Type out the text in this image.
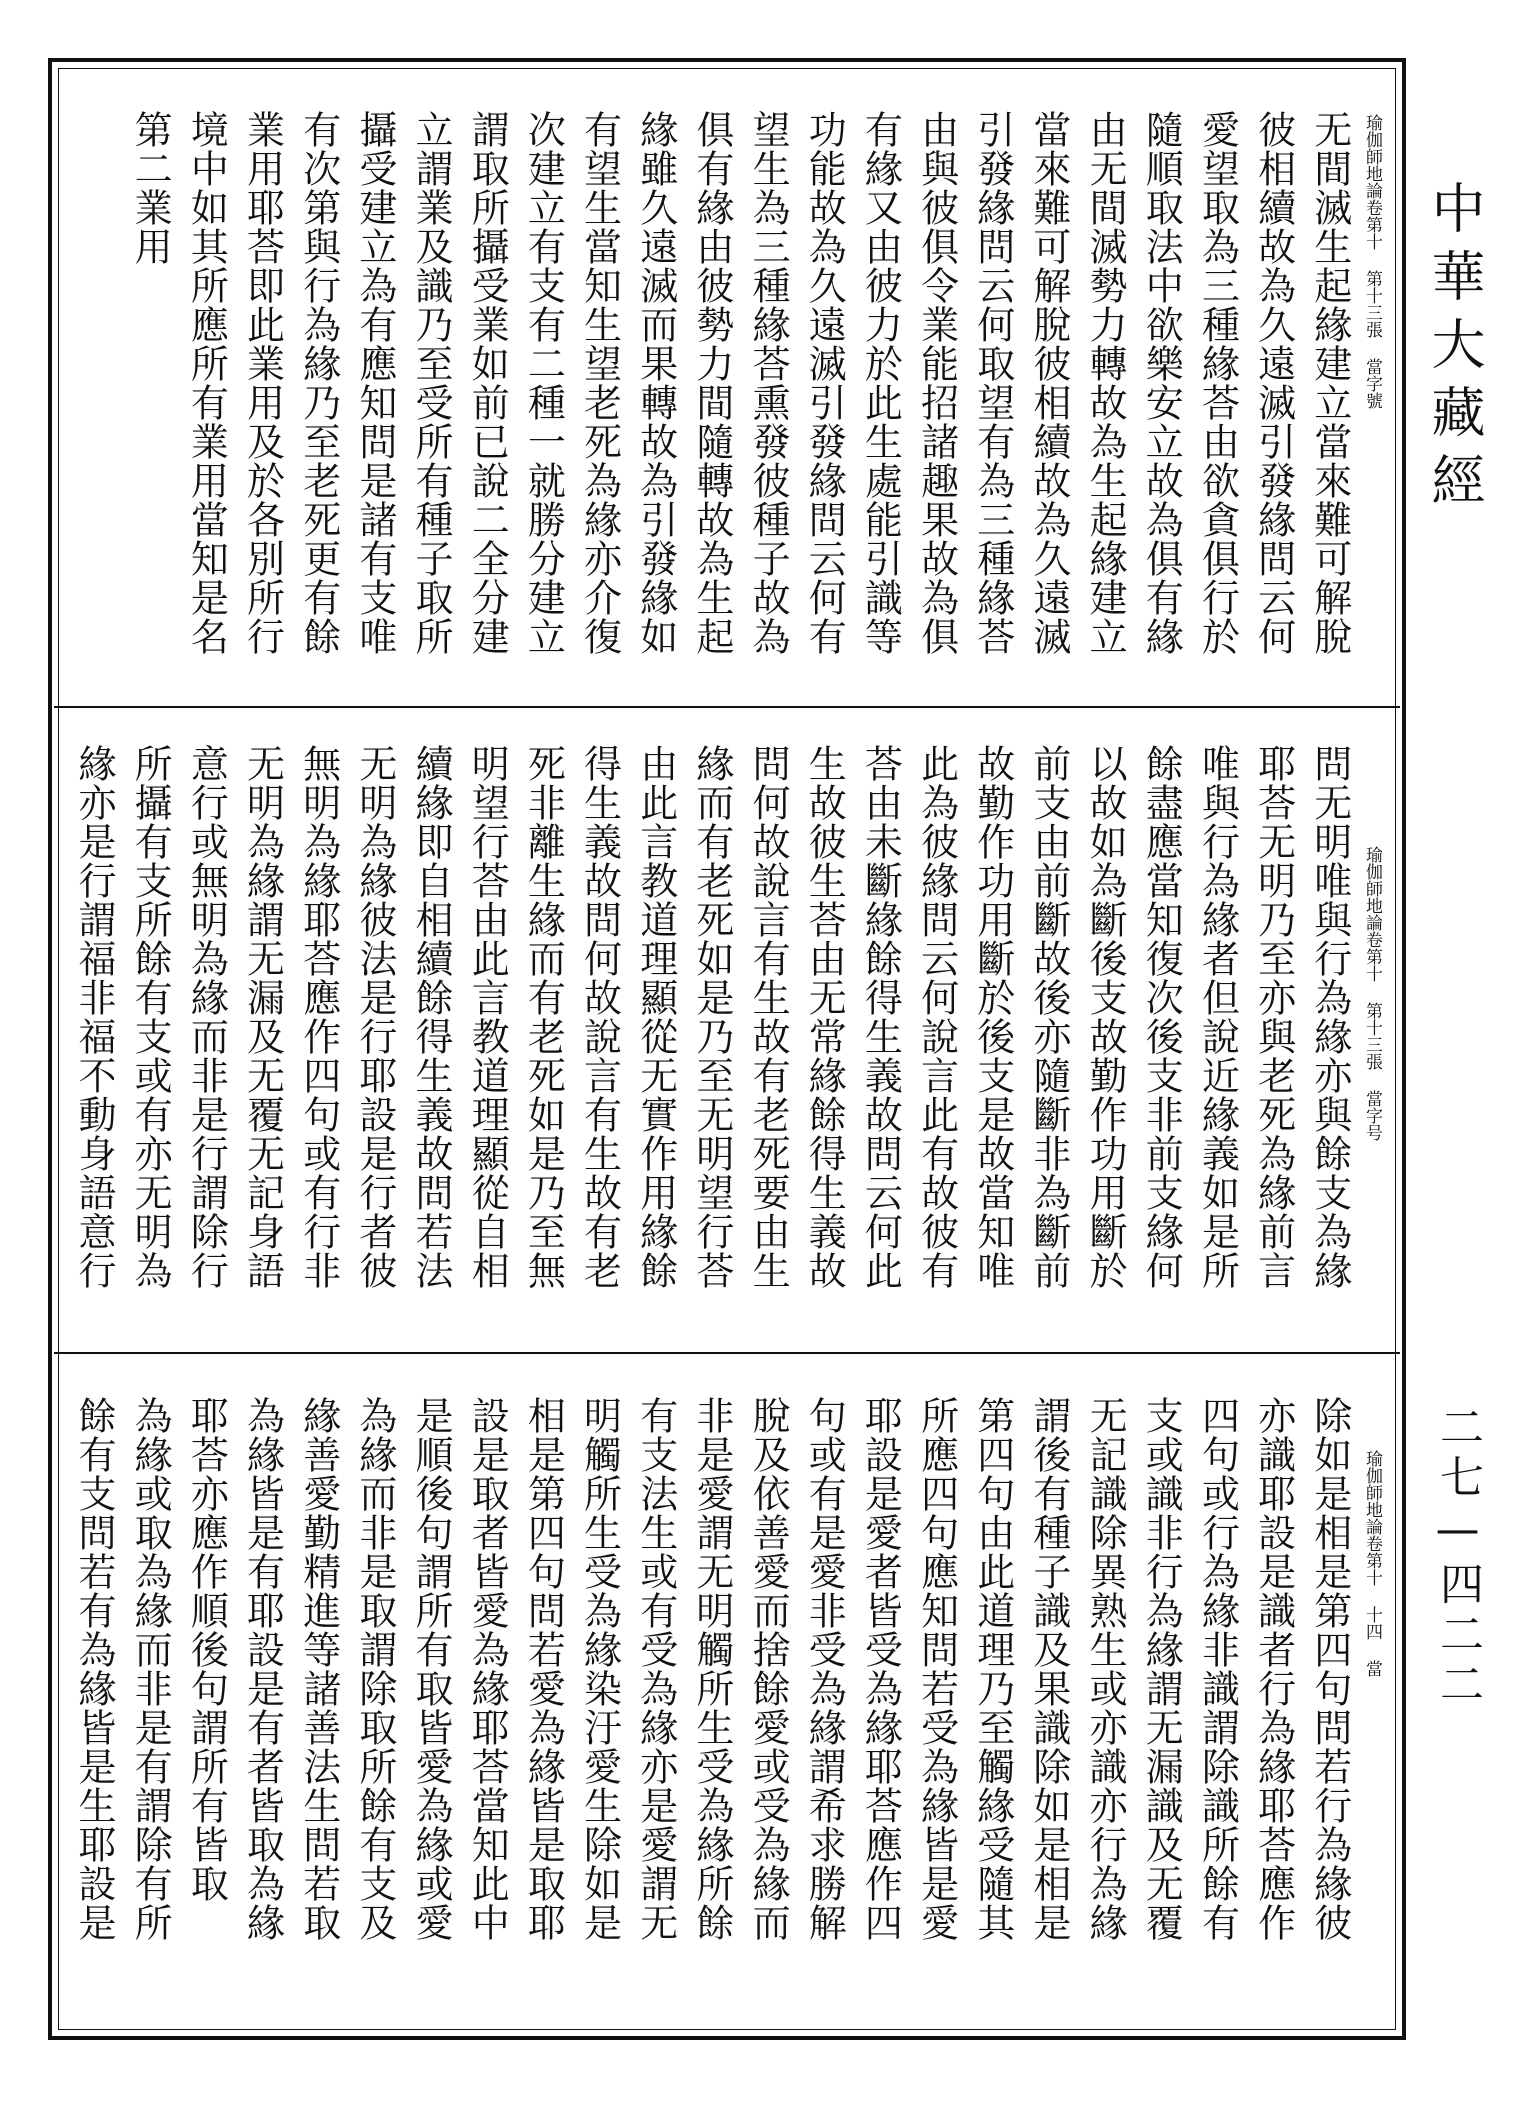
瑜伽師地論卷第十 第十三張 當字號
无間滅生起緣建立當來難可解脫
彼相續故為久遠滅引發緣問云何
愛望取為三種緣荅由欲貪俱行於
隨順取法中欲樂安立故為俱有緣
由无間滅勢力轉故為生起緣建立
當來難可解脫彼相續故為久遠滅
引發緣問云何取望有為三種緣荅
由與彼俱令業能招諸趣果故為俱
有緣又由彼力於此生處能引識等
功能故為久遠滅引發緣問云何有
望生為三種緣荅熏發彼種子故為
俱有緣由彼勢力間隨轉故為生起
緣雖久遠滅而果轉故為引發緣如
有望生當知生望老死為緣亦介復
次建立有支有二種一就勝分建立
謂取所攝受業如前已說二全分建
立謂業及識乃至受所有種子取所
攝受建立為有應知問是諸有支唯
有次第與行為緣乃至老死更有餘
業用耶荅即此業用及於各別所行
境中如其所應所有業用當知是名
第二業用
瑜伽師地論卷第十 第十三張 當字号
問无明唯與行為緣亦與餘支為緣
耶荅无明乃至亦與老死為緣前言
唯與行為緣者但說近緣義如是所
餘盡應當知復次後支非前支緣何
以故如為斷後支故勤作功用斷於
前支由前斷故後亦隨斷非為斷前
故勤作功用斷於後支是故當知唯
此為彼緣問云何說言此有故彼有
荅由未斷緣餘得生義故問云何此
生故彼生荅由无常緣餘得生義故
問何故說言有生故有老死要由生
緣而有老死如是乃至无明望行荅
由此言教道理顯從无實作用緣餘
得生義故問何故說言有生故有老
死非離生緣而有老死如是乃至無
明望行荅由此言教道理顯從自相
續緣即自相續餘得生義故問若法
无明為緣彼法是行耶設是行者彼
無明為緣耶荅應作四句或有行非
无明為緣謂无漏及无覆无記身語
意行或無明為緣而非是行謂除行
所攝有支所餘有支或有亦无明為
緣亦是行謂福非福不動身語意行
瑜伽師地論卷第十 十四 當
除如是相是第四句問若行為緣彼
亦識耶設是識者行為緣耶荅應作
四句或行為緣非識謂除識所餘有
支或識非行為緣謂无漏識及无覆
无記識除異熟生或亦識亦行為緣
謂後有種子識及果識除如是相是
第四句由此道理乃至觸緣受隨其
所應四句應知問若受為緣皆是愛
耶設是愛者皆受為緣耶荅應作四
句或有是愛非受為緣謂希求勝解
脫及依善愛而捨餘愛或受為緣而
非是愛謂无明觸所生受為緣所餘
有支法生或有受為緣亦是愛謂无
明觸所生受為緣染汙愛生除如是
相是第四句問若愛為緣皆是取耶
設是取者皆愛為緣耶荅當知此中
是順後句謂所有取皆愛為緣或愛
為緣而非是取謂除取所餘有支及
緣善愛勤精進等諸善法生問若取
為緣皆是有耶設是有者皆取為緣
耶荅亦應作順後句謂所有皆取
為緣或取為緣而非是有謂除有所
餘有支問若有為緣皆是生耶設是
中華大藏經
二七—四二二
